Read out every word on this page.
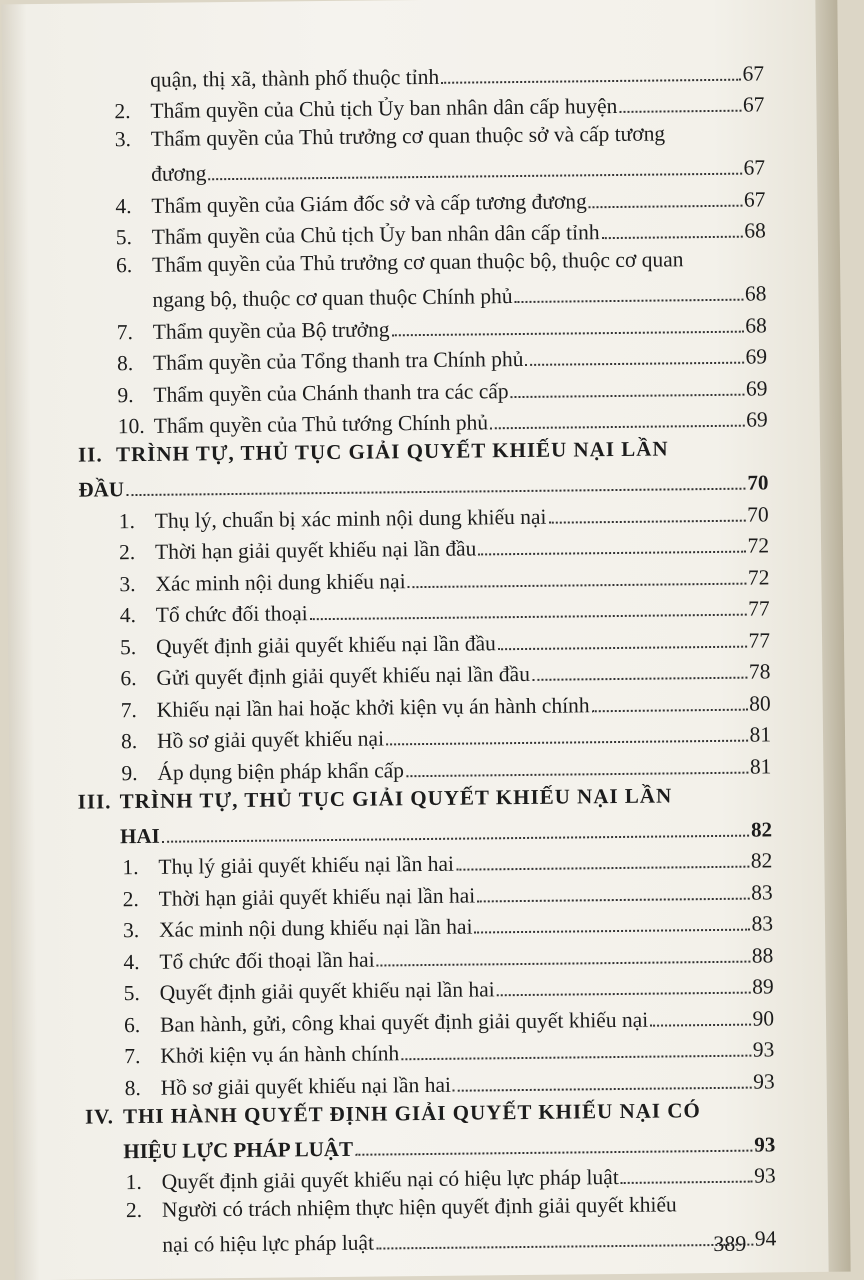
quận, thị xã, thành phố thuộc tỉnh	67
2. Thẩm quyền của Chủ tịch Ủy ban nhân dân cấp huyện	67
3. Thẩm quyền của Thủ trưởng cơ quan thuộc sở và cấp tương
đương	67
4. Thẩm quyền của Giám đốc sở và cấp tương đương	67
5. Thẩm quyền của Chủ tịch Ủy ban nhân dân cấp tỉnh	68
6. Thẩm quyền của Thủ trưởng cơ quan thuộc bộ, thuộc cơ quan
ngang bộ, thuộc cơ quan thuộc Chính phủ	68
7. Thẩm quyền của Bộ trưởng	68
8. Thẩm quyền của Tổng thanh tra Chính phủ	69
9. Thẩm quyền của Chánh thanh tra các cấp	69
10. Thẩm quyền của Thủ tướng Chính phủ	69
II. TRÌNH TỰ, THỦ TỤC GIẢI QUYẾT KHIẾU NẠI LẦN
ĐẦU	70
1. Thụ lý, chuẩn bị xác minh nội dung khiếu nại	70
2. Thời hạn giải quyết khiếu nại lần đầu	72
3. Xác minh nội dung khiếu nại	72
4. Tổ chức đối thoại	77
5. Quyết định giải quyết khiếu nại lần đầu	77
6. Gửi quyết định giải quyết khiếu nại lần đầu	78
7. Khiếu nại lần hai hoặc khởi kiện vụ án hành chính	80
8. Hồ sơ giải quyết khiếu nại	81
9. Áp dụng biện pháp khẩn cấp	81
III. TRÌNH TỰ, THỦ TỤC GIẢI QUYẾT KHIẾU NẠI LẦN
HAI	82
1. Thụ lý giải quyết khiếu nại lần hai	82
2. Thời hạn giải quyết khiếu nại lần hai	83
3. Xác minh nội dung khiếu nại lần hai	83
4. Tổ chức đối thoại lần hai	88
5. Quyết định giải quyết khiếu nại lần hai	89
6. Ban hành, gửi, công khai quyết định giải quyết khiếu nại	90
7. Khởi kiện vụ án hành chính	93
8. Hồ sơ giải quyết khiếu nại lần hai	93
IV. THI HÀNH QUYẾT ĐỊNH GIẢI QUYẾT KHIẾU NẠI CÓ
HIỆU LỰC PHÁP LUẬT	93
1. Quyết định giải quyết khiếu nại có hiệu lực pháp luật	93
2. Người có trách nhiệm thực hiện quyết định giải quyết khiếu
nại có hiệu lực pháp luật	94
389
